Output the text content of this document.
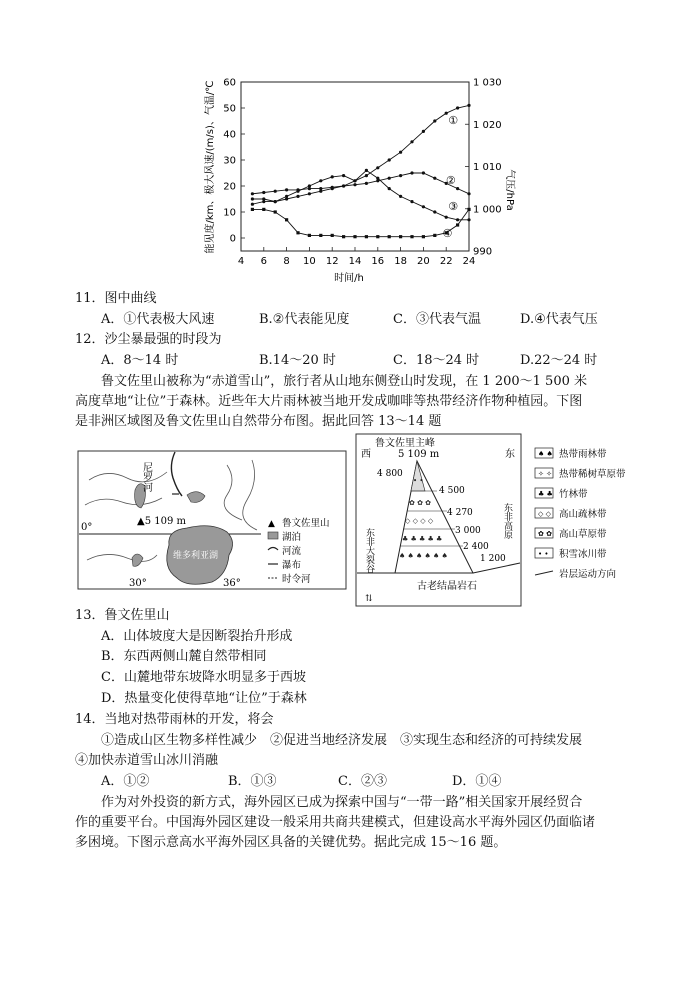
4 6 8 10 12 14 16 18 20 22 24
0
10
20
30
40
50
60
990
1 000
1 010
1 020
1 030
①
②
③
④
能见度/km、极大风速/(m/s)、气温/℃	气压/hPa
时间/h
11．图中曲线
A．①代表极大风速	B.②代表能见度	C．③代表气温	D.④代表气压
12．沙尘暴最强的时段为
A．8～14 时	B.14～20 时	C．18～24 时	D.22～24 时
鲁文佐里山被称为“赤道雪山”，旅行者从山地东侧登山时发现，在 1 200～1 500 米
高度草地“让位”于森林。近些年大片雨林被当地开发成咖啡等热带经济作物种植园。下图
是非洲区域图及鲁文佐里山自然带分布图。据此回答 13～14 题
0°
维多利亚湖
尼罗河
▲5 109 m
30°	36°
▲ 鲁文佐里山
湖泊
河流
瀑布
时令河
鲁文佐里主峰
西	东
5 109 m
• •
✿ ✿ ✿
◇ ◇ ◇ ◇
♣ ♣ ♣ ♣ ♣
♠ ♠ ♠ ♠ ♠ ♠
4 800
4 500
4 270
3 000
2 400
1 200
东非大裂谷
东非高原
古老结晶岩石
⇅
♠ ♠ 热带雨林带
✧ ✧ 热带稀树草原带
♣ ♣ 竹林带
◇ ◇ 高山疏林带
✿ ✿ 高山草原带
• • 积雪冰川带
岩层运动方向
13．鲁文佐里山
A．山体坡度大是因断裂抬升形成
B．东西两侧山麓自然带相同
C．山麓地带东坡降水明显多于西坡
D．热量变化使得草地“让位”于森林
14．当地对热带雨林的开发，将会
①造成山区生物多样性减少　②促进当地经济发展　③实现生态和经济的可持续发展
④加快赤道雪山冰川消融
A．①②	B．①③	C．②③	D．①④
作为对外投资的新方式，海外园区已成为探索中国与“一带一路”相关国家开展经贸合
作的重要平台。中国海外园区建设一般采用共商共建模式，但建设高水平海外园区仍面临诸
多困境。下图示意高水平海外园区具备的关键优势。据此完成 15～16 题。
